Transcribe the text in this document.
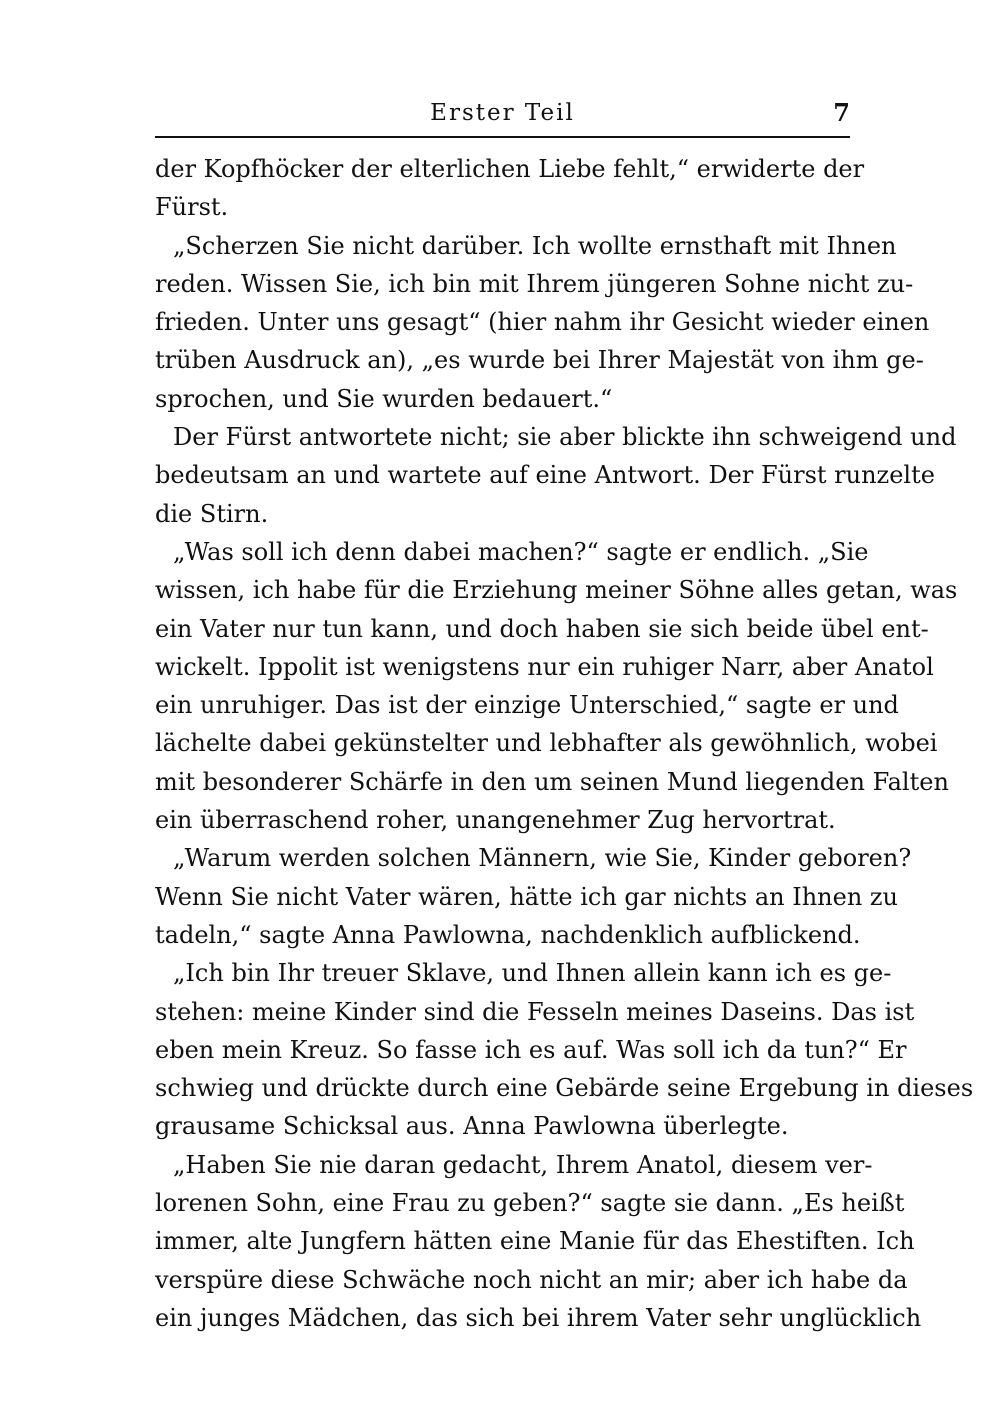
Erster Teil	7
der Kopfhöcker der elterlichen Liebe fehlt,“ erwiderte der
Fürst.
„Scherzen Sie nicht darüber. Ich wollte ernsthaft mit Ihnen
reden. Wissen Sie, ich bin mit Ihrem jüngeren Sohne nicht zu-
frieden. Unter uns gesagt“ (hier nahm ihr Gesicht wieder einen
trüben Ausdruck an), „es wurde bei Ihrer Majestät von ihm ge-
sprochen, und Sie wurden bedauert.“
Der Fürst antwortete nicht; sie aber blickte ihn schweigend und
bedeutsam an und wartete auf eine Antwort. Der Fürst runzelte
die Stirn.
„Was soll ich denn dabei machen?“ sagte er endlich. „Sie
wissen, ich habe für die Erziehung meiner Söhne alles getan, was
ein Vater nur tun kann, und doch haben sie sich beide übel ent-
wickelt. Ippolit ist wenigstens nur ein ruhiger Narr, aber Anatol
ein unruhiger. Das ist der einzige Unterschied,“ sagte er und
lächelte dabei gekünstelter und lebhafter als gewöhnlich, wobei
mit besonderer Schärfe in den um seinen Mund liegenden Falten
ein überraschend roher, unangenehmer Zug hervortrat.
„Warum werden solchen Männern, wie Sie, Kinder geboren?
Wenn Sie nicht Vater wären, hätte ich gar nichts an Ihnen zu
tadeln,“ sagte Anna Pawlowna, nachdenklich aufblickend.
„Ich bin Ihr treuer Sklave, und Ihnen allein kann ich es ge-
stehen: meine Kinder sind die Fesseln meines Daseins. Das ist
eben mein Kreuz. So fasse ich es auf. Was soll ich da tun?“ Er
schwieg und drückte durch eine Gebärde seine Ergebung in dieses
grausame Schicksal aus. Anna Pawlowna überlegte.
„Haben Sie nie daran gedacht, Ihrem Anatol, diesem ver-
lorenen Sohn, eine Frau zu geben?“ sagte sie dann. „Es heißt
immer, alte Jungfern hätten eine Manie für das Ehestiften. Ich
verspüre diese Schwäche noch nicht an mir; aber ich habe da
ein junges Mädchen, das sich bei ihrem Vater sehr unglücklich
